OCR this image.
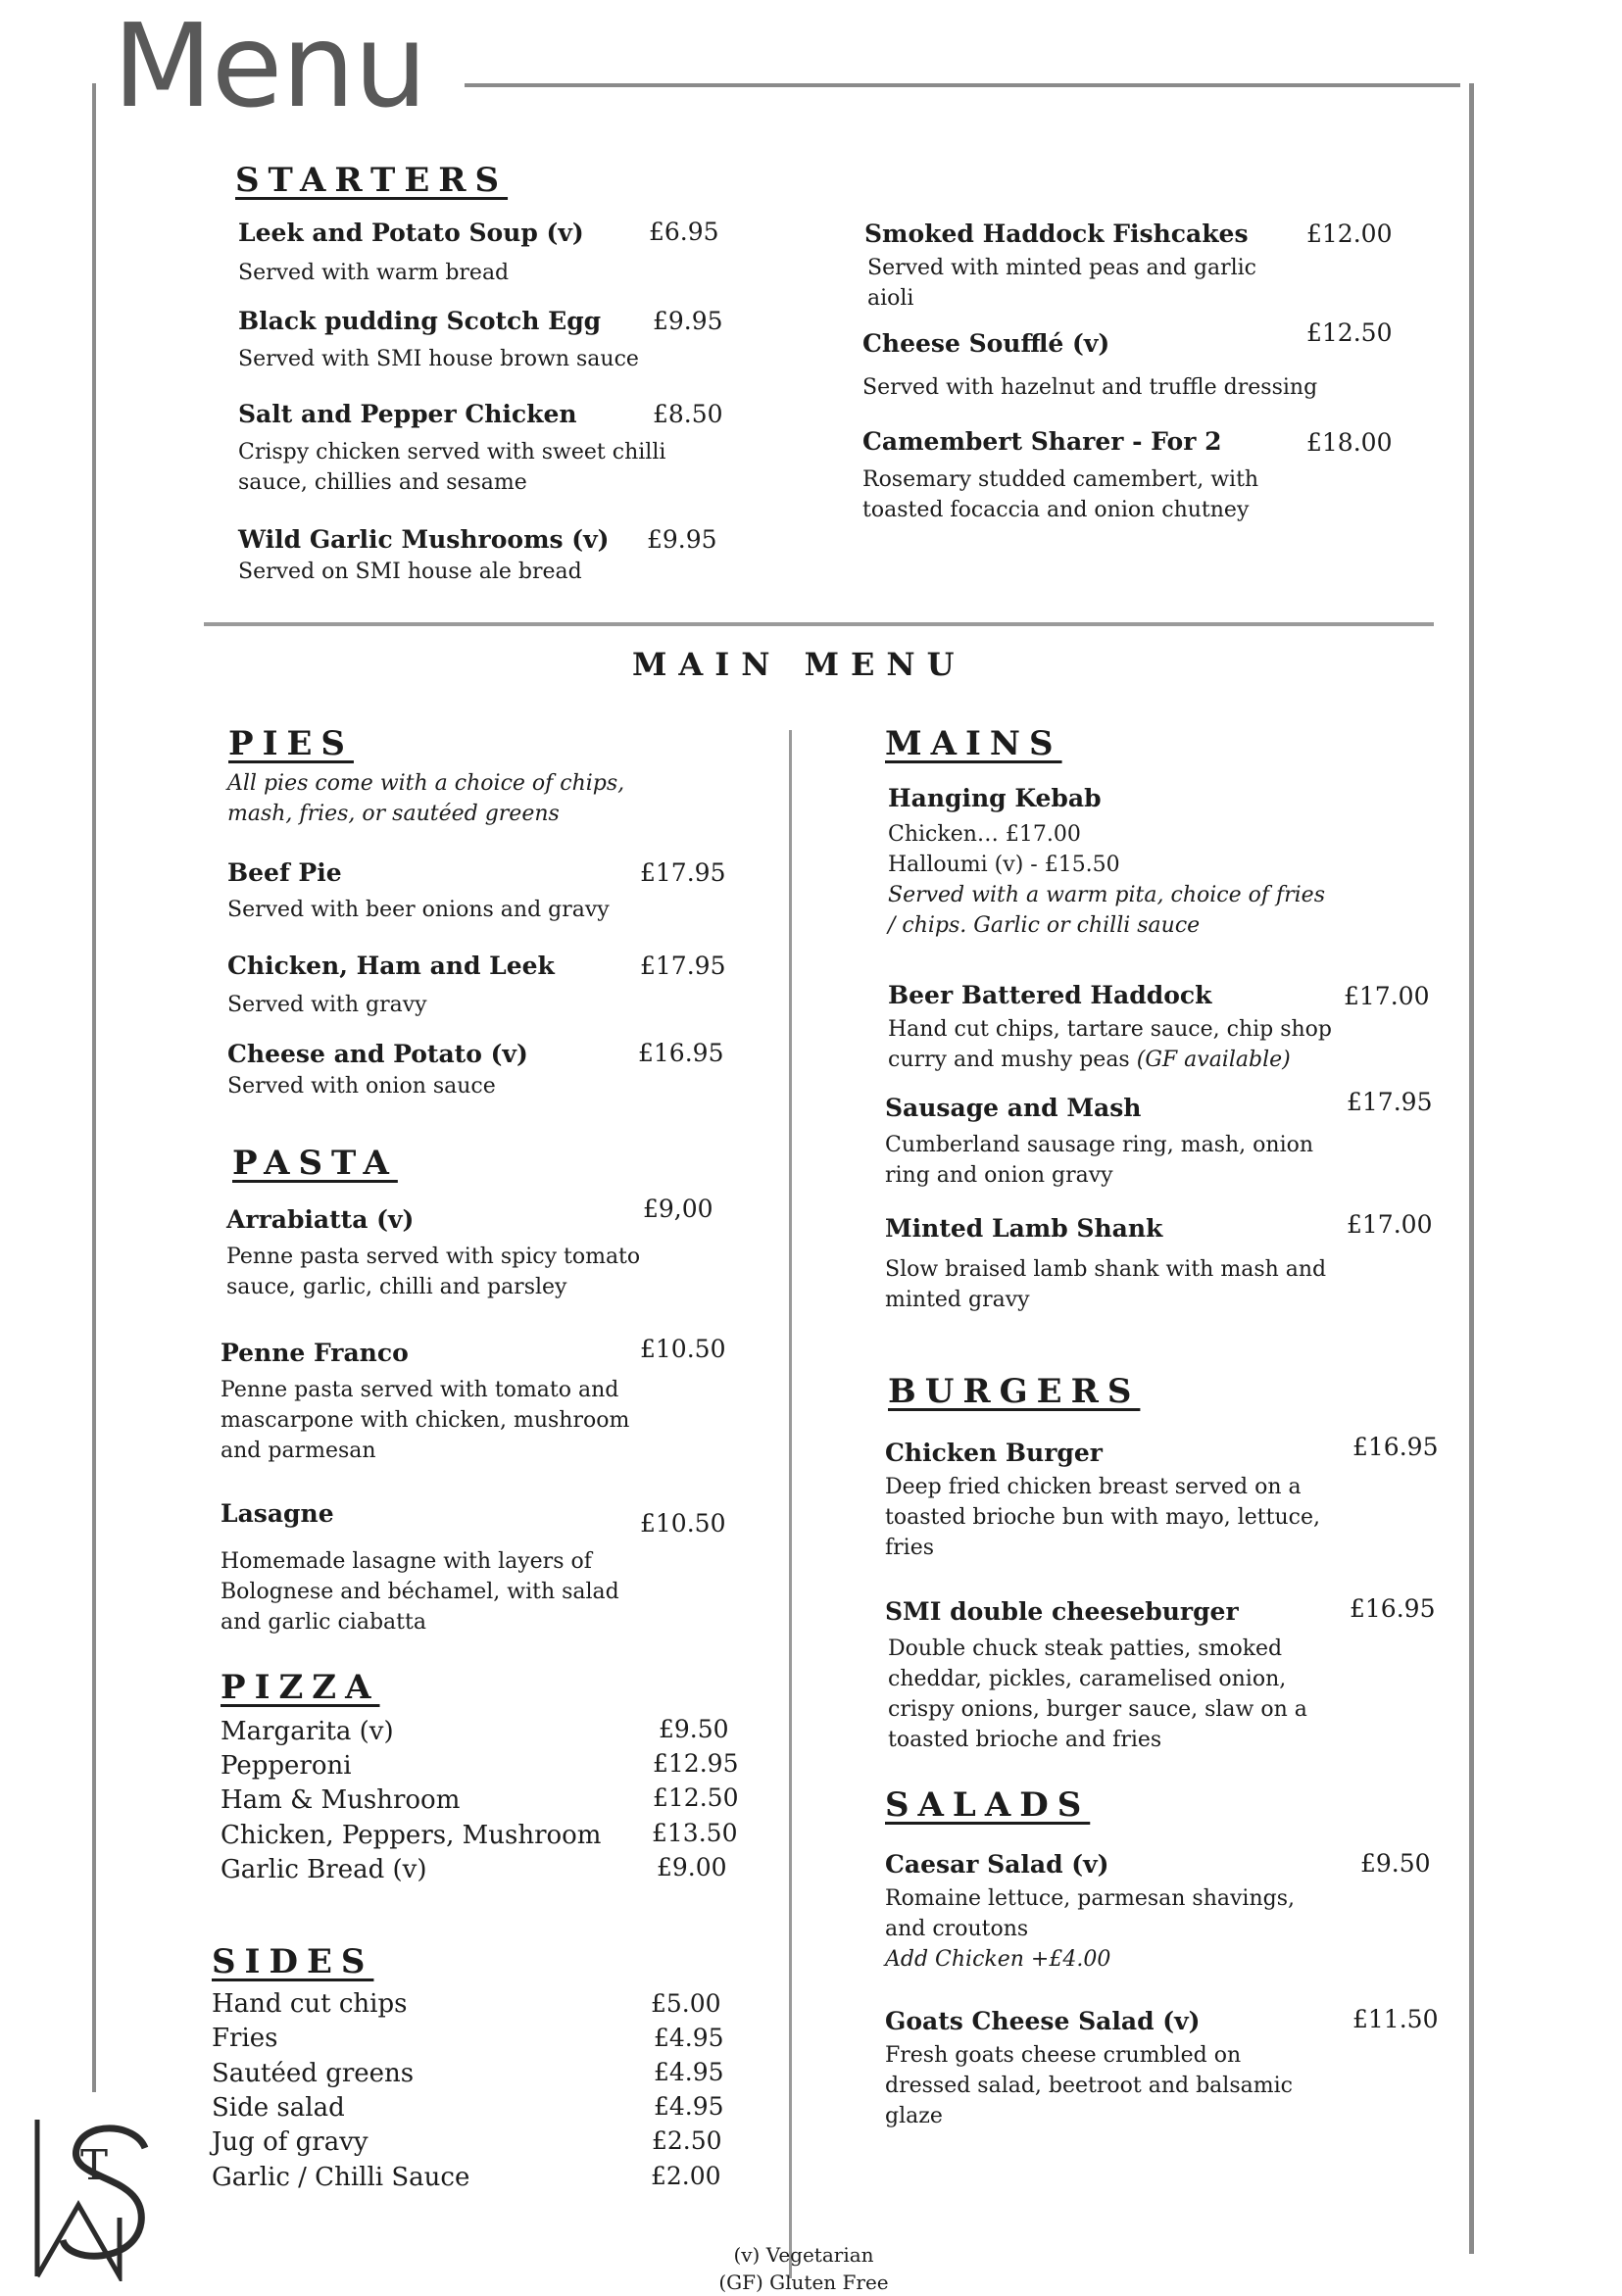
Menu
STARTERS
Leek and Potato Soup (v)	£6.95
Served with warm bread
Black pudding Scotch Egg £9.95
Served with SMI house brown sauce
Salt and Pepper Chicken	£8.50
Crispy chicken served with sweet chilli sauce, chillies and sesame
Wild Garlic Mushrooms (v) £9.95
Served on SMI house ale bread
Smoked Haddock Fishcakes £12.00
Served with minted peas and garlic aioli
Cheese Soufflé (v)	£12.50
Served with hazelnut and truffle dressing
Camembert Sharer - For 2	£18.00
Rosemary studded camembert, with toasted focaccia and onion chutney
MAIN MENU
PIES
All pies come with a choice of chips, mash, fries, or sautéed greens
Beef Pie	£17.95
Served with beer onions and gravy
Chicken, Ham and Leek	£17.95
Served with gravy
Cheese and Potato (v)	£16.95
Served with onion sauce
PASTA
Arrabiatta (v)	£9,00
Penne pasta served with spicy tomato sauce, garlic, chilli and parsley
Penne Franco	£10.50
Penne pasta served with tomato and mascarpone with chicken, mushroom and parmesan
Lasagne	£10.50
Homemade lasagne with layers of Bolognese and béchamel, with salad and garlic ciabatta
PIZZA
Margarita (v)	£9.50
Pepperoni	£12.95
Ham & Mushroom	£12.50
Chicken, Peppers, Mushroom £13.50
Garlic Bread (v)	£9.00
SIDES
Hand cut chips	£5.00
Fries	£4.95
Sautéed greens	£4.95
Side salad	£4.95
Jug of gravy	£2.50
Garlic / Chilli Sauce	£2.00
MAINS
Hanging Kebab
Chicken… £17.00
Halloumi (v) - £15.50
Served with a warm pita, choice of fries / chips. Garlic or chilli sauce
Beer Battered Haddock	£17.00
Hand cut chips, tartare sauce, chip shop curry and mushy peas (GF available)
Sausage and Mash	£17.95
Cumberland sausage ring, mash, onion ring and onion gravy
Minted Lamb Shank	£17.00
Slow braised lamb shank with mash and minted gravy
BURGERS
Chicken Burger	£16.95
Deep fried chicken breast served on a toasted brioche bun with mayo, lettuce, fries
SMI double cheeseburger	£16.95
Double chuck steak patties, smoked cheddar, pickles, caramelised onion, crispy onions, burger sauce, slaw on a toasted brioche and fries
SALADS
Caesar Salad (v)	£9.50
Romaine lettuce, parmesan shavings, and croutons
Add Chicken +£4.00
Goats Cheese Salad (v)	£11.50
Fresh goats cheese crumbled on dressed salad, beetroot and balsamic glaze
(v) Vegetarian
(GF) Gluten Free
T
